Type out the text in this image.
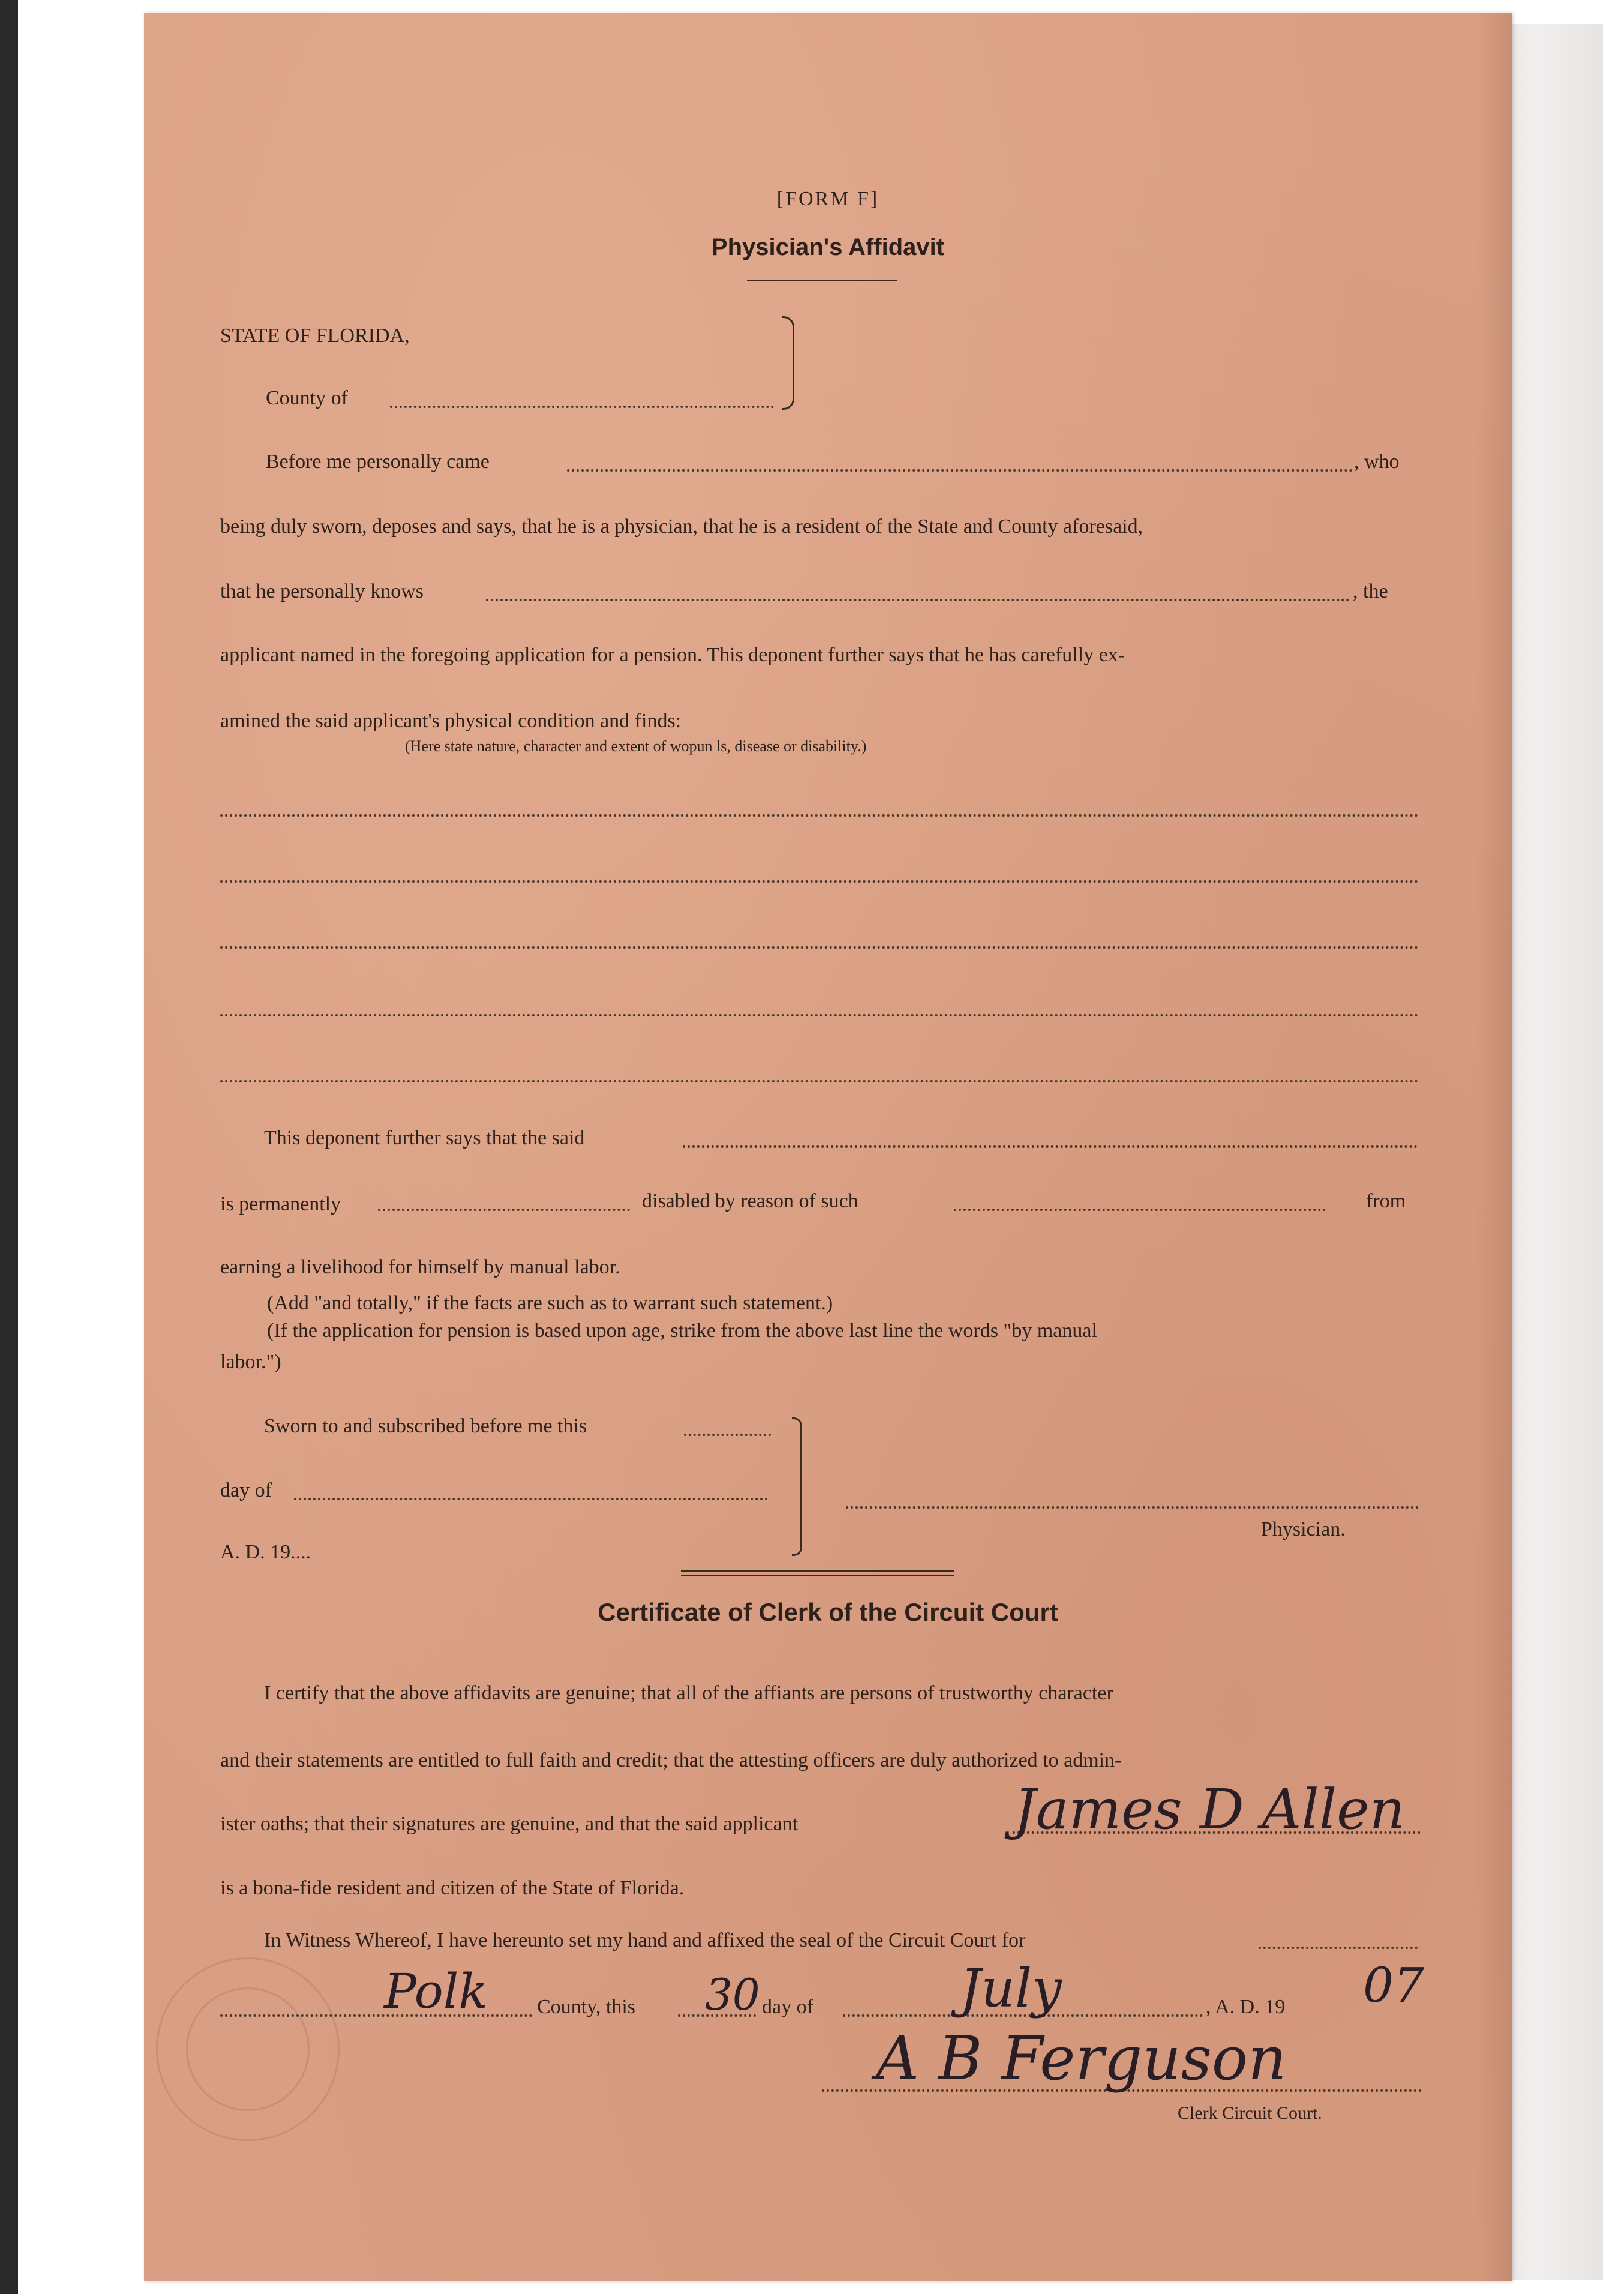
[FORM F]
Physician's Affidavit
STATE OF FLORIDA,
County of
Before me personally came	, who
being duly sworn, deposes and says, that he is a physician, that he is a resident of the State and County aforesaid,
that he personally knows	, the
applicant named in the foregoing application for a pension. This deponent further says that he has carefully ex-
amined the said applicant's physical condition and finds:
(Here state nature, character and extent of wopun ls, disease or disability.)
This deponent further says that the said
is permanently	disabled by reason of such	from
earning a livelihood for himself by manual labor.
(Add "and totally," if the facts are such as to warrant such statement.)
(If the application for pension is based upon age, strike from the above last line the words "by manual
labor.")
Sworn to and subscribed before me this
day of
A. D. 19....
Physician.
Certificate of Clerk of the Circuit Court
I certify that the above affidavits are genuine; that all of the affiants are persons of trustworthy character
and their statements are entitled to full faith and credit; that the attesting officers are duly authorized to admin-
ister oaths; that their signatures are genuine, and that the said applicant	James D Allen
is a bona-fide resident and citizen of the State of Florida.
In Witness Whereof, I have hereunto set my hand and affixed the seal of the Circuit Court for
Polk County, this 30 day of	July	, A. D. 19 07
A B Ferguson
Clerk Circuit Court.
